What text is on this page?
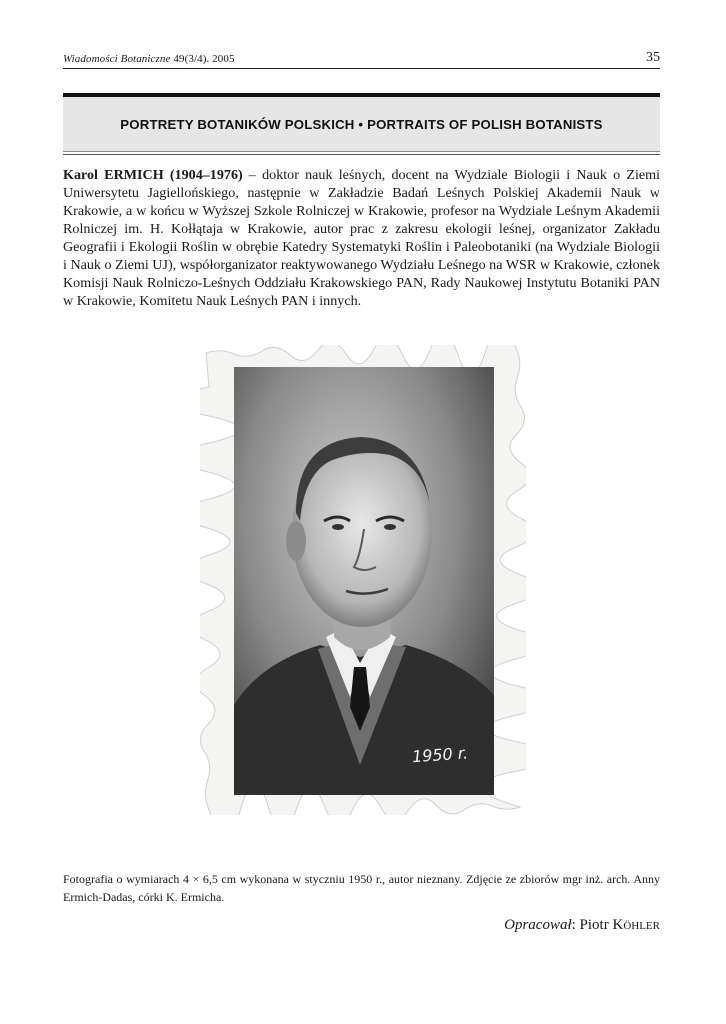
Wiadomości Botaniczne 49(3/4). 2005	35
PORTRETY BOTANIKÓW POLSKICH • PORTRAITS OF POLISH BOTANISTS

Karol ERMICH (1904–1976) – doktor nauk leśnych, docent na Wydziale Biologii i Nauk o Ziemi Uniwersytetu Jagiellońskiego, następnie w Zakładzie Badań Leśnych Polskiej Akademii Nauk w Krakowie, a w końcu w Wyższej Szkole Rolniczej w Krakowie, profesor na Wydziale Leśnym Akademii Rolniczej im. H. Kołłątaja w Krakowie, autor prac z zakresu ekologii leśnej, organizator Zakładu Geografii i Ekologii Roślin w obrębie Katedry Systematyki Roślin i Paleobotaniki (na Wydziale Biologii i Nauk o Ziemi UJ), współorganizator reaktywowanego Wydziału Leśnego na WSR w Krakowie, członek Komisji Nauk Rolniczo-Leśnych Oddziału Krakowskiego PAN, Rady Naukowej Instytutu Botaniki PAN w Krakowie, Komitetu Nauk Leśnych PAN i innych.

1950 r.

Fotografia o wymiarach 4 × 6,5 cm wykonana w styczniu 1950 r., autor nieznany. Zdjęcie ze zbiorów mgr inż. arch. Anny Ermich-Dadas, córki K. Ermicha.

Opracował: Piotr Köhler
